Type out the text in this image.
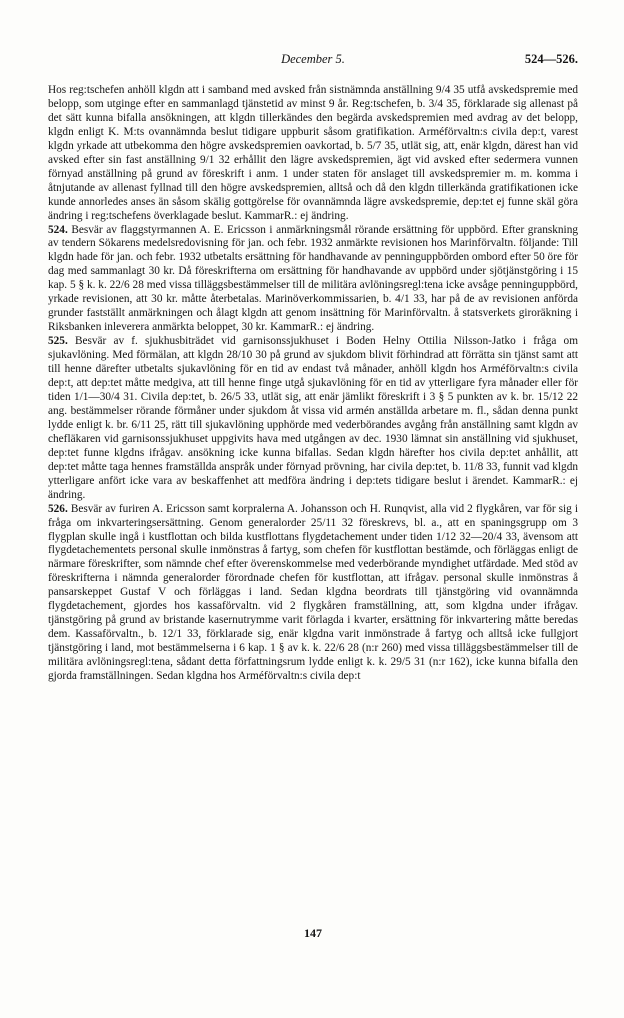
December 5.	524—526.

Hos reg:tschefen anhöll klgdn att i samband med avsked från sistnämnda anställning 9/4 35 utfå avskedspremie med belopp, som utginge efter en sammanlagd tjänstetid av minst 9 år. Reg:tschefen, b. 3/4 35, förklarade sig allenast på det sätt kunna bifalla ansökningen, att klgdn tillerkändes den begärda avskedspremien med avdrag av det belopp, klgdn enligt K. M:ts ovannämnda beslut tidigare uppburit såsom gratifikation. Arméförvaltn:s civila dep:t, varest klgdn yrkade att utbekomma den högre avskedspremien oavkortad, b. 5/7 35, utlät sig, att, enär klgdn, därest han vid avsked efter sin fast anställning 9/1 32 erhållit den lägre avskedspremien, ägt vid avsked efter sedermera vunnen förnyad anställning på grund av föreskrift i anm. 1 under staten för anslaget till avskedspremier m. m. komma i åtnjutande av allenast fyllnad till den högre avskedspremien, alltså och då den klgdn tillerkända gratifikationen icke kunde annorledes anses än såsom skälig gottgörelse för ovannämnda lägre avskedspremie, dep:tet ej funne skäl göra ändring i reg:tschefens överklagade beslut. KammarR.: ej ändring.

524. Besvär av flaggstyrmannen A. E. Ericsson i anmärkningsmål rörande ersättning för uppbörd. Efter granskning av tendern Sökarens medelsredovisning för jan. och febr. 1932 anmärkte revisionen hos Marinförvaltn. följande: Till klgdn hade för jan. och febr. 1932 utbetalts ersättning för handhavande av penninguppbörden ombord efter 50 öre för dag med sammanlagt 30 kr. Då föreskrifterna om ersättning för handhavande av uppbörd under sjötjänstgöring i 15 kap. 5 § k. k. 22/6 28 med vissa tilläggsbestämmelser till de militära avlöningsregl:tena icke avsåge penninguppbörd, yrkade revisionen, att 30 kr. måtte återbetalas. Marinöverkommissarien, b. 4/1 33, har på de av revisionen anförda grunder fastställt anmärkningen och ålagt klgdn att genom insättning för Marinförvaltn. å statsverkets giroräkning i Riksbanken inleverera anmärkta beloppet, 30 kr. KammarR.: ej ändring.

525. Besvär av f. sjukhusbiträdet vid garnisonssjukhuset i Boden Helny Ottilia Nilsson-Jatko i fråga om sjukavlöning. Med förmälan, att klgdn 28/10 30 på grund av sjukdom blivit förhindrad att förrätta sin tjänst samt att till henne därefter utbetalts sjukavlöning för en tid av endast två månader, anhöll klgdn hos Arméförvaltn:s civila dep:t, att dep:tet måtte medgiva, att till henne finge utgå sjukavlöning för en tid av ytterligare fyra månader eller för tiden 1/1—30/4 31. Civila dep:tet, b. 26/5 33, utlät sig, att enär jämlikt föreskrift i 3 § 5 punkten av k. br. 15/12 22 ang. bestämmelser rörande förmåner under sjukdom åt vissa vid armén anställda arbetare m. fl., sådan denna punkt lydde enligt k. br. 6/11 25, rätt till sjukavlöning upphörde med vederbörandes avgång från anställning samt klgdn av chefläkaren vid garnisonssjukhuset uppgivits hava med utgången av dec. 1930 lämnat sin anställning vid sjukhuset, dep:tet funne klgdns ifrågav. ansökning icke kunna bifallas. Sedan klgdn härefter hos civila dep:tet anhållit, att dep:tet måtte taga hennes framställda anspråk under förnyad prövning, har civila dep:tet, b. 11/8 33, funnit vad klgdn ytterligare anfört icke vara av beskaffenhet att medföra ändring i dep:tets tidigare beslut i ärendet. KammarR.: ej ändring.

526. Besvär av furiren A. Ericsson samt korpralerna A. Johansson och H. Runqvist, alla vid 2 flygkåren, var för sig i fråga om inkvarteringsersättning. Genom generalorder 25/11 32 föreskrevs, bl. a., att en spaningsgrupp om 3 flygplan skulle ingå i kustflottan och bilda kustflottans flygdetachement under tiden 1/12 32—20/4 33, ävensom att flygdetachementets personal skulle inmönstras å fartyg, som chefen för kustflottan bestämde, och förläggas enligt de närmare föreskrifter, som nämnde chef efter överenskommelse med vederbörande myndighet utfärdade. Med stöd av föreskrifterna i nämnda generalorder förordnade chefen för kustflottan, att ifrågav. personal skulle inmönstras å pansarskeppet Gustaf V och förläggas i land. Sedan klgdna beordrats till tjänstgöring vid ovannämnda flygdetachement, gjordes hos kassaförvaltn. vid 2 flygkåren framställning, att, som klgdna under ifrågav. tjänstgöring på grund av bristande kasernutrymme varit förlagda i kvarter, ersättning för inkvartering måtte beredas dem. Kassaförvaltn., b. 12/1 33, förklarade sig, enär klgdna varit inmönstrade å fartyg och alltså icke fullgjort tjänstgöring i land, mot bestämmelserna i 6 kap. 1 § av k. k. 22/6 28 (n:r 260) med vissa tilläggsbestämmelser till de militära avlöningsregl:tena, sådant detta författningsrum lydde enligt k. k. 29/5 31 (n:r 162), icke kunna bifalla den gjorda framställningen. Sedan klgdna hos Arméförvaltn:s civila dep:t

147
